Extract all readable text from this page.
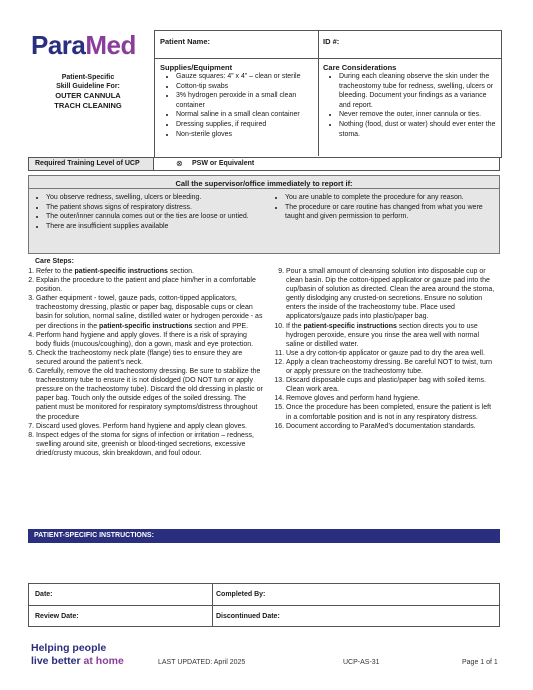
ParaMed
Patient-Specific
Skill Guideline For:
OUTER CANNULA
TRACH CLEANING
Patient Name:	ID #:
Supplies/Equipment
• Gauze squares: 4” x 4” – clean or sterile
• Cotton-tip swabs
• 3% hydrogen peroxide in a small clean container
• Normal saline in a small clean container
• Dressing supplies, if required
• Non-sterile gloves
Care Considerations
• During each cleaning observe the skin under the tracheostomy tube for redness, swelling, ulcers or bleeding. Document your findings as a variance and report.
• Never remove the outer, inner cannula or ties.
• Nothing (food, dust or water) should ever enter the stoma.
Required Training Level of UCP	⊗ PSW or Equivalent
Call the supervisor/office immediately to report if:
• You observe redness, swelling, ulcers or bleeding.
• The patient shows signs of respiratory distress.
• The outer/inner cannula comes out or the ties are loose or untied.
• There are insufficient supplies available
• You are unable to complete the procedure for any reason.
• The procedure or care routine has changed from what you were taught and given permission to perform.
Care Steps:
1. Refer to the patient-specific instructions section.
2. Explain the procedure to the patient and place him/her in a comfortable position.
3. Gather equipment - towel, gauze pads, cotton-tipped applicators, tracheostomy dressing, plastic or paper bag, disposable cups or clean basin for solution, normal saline, distilled water or hydrogen peroxide - as per directions in the patient-specific instructions section and PPE.
4. Perform hand hygiene and apply gloves. If there is a risk of spraying body fluids (mucous/coughing), don a gown, mask and eye protection.
5. Check the tracheostomy neck plate (flange) ties to ensure they are secured around the patient’s neck.
6. Carefully, remove the old tracheostomy dressing. Be sure to stabilize the tracheostomy tube to ensure it is not dislodged (DO NOT turn or apply pressure on the tracheostomy tube). Discard the old dressing in plastic or paper bag. Touch only the outside edges of the soiled dressing. The patient must be monitored for respiratory symptoms/distress throughout the procedure
7. Discard used gloves. Perform hand hygiene and apply clean gloves.
8. Inspect edges of the stoma for signs of infection or irritation – redness, swelling around site, greenish or blood-tinged secretions, excessive dried/crusty mucous, skin breakdown, and foul odour.
9. Pour a small amount of cleansing solution into disposable cup or clean basin. Dip the cotton-tipped applicator or gauze pad into the cup/basin of solution as directed. Clean the area around the stoma, gently dislodging any crusted-on secretions. Ensure no solution enters the inside of the tracheostomy tube. Place used applicators/gauze pads into plastic/paper bag.
10. If the patient-specific instructions section directs you to use hydrogen peroxide, ensure you rinse the area well with normal saline or distilled water.
11. Use a dry cotton-tip applicator or gauze pad to dry the area well.
12. Apply a clean tracheostomy dressing. Be careful NOT to twist, turn or apply pressure on the tracheostomy tube.
13. Discard disposable cups and plastic/paper bag with soiled items. Clean work area.
14. Remove gloves and perform hand hygiene.
15. Once the procedure has been completed, ensure the patient is left in a comfortable position and is not in any respiratory distress.
16. Document according to ParaMed’s documentation standards.
PATIENT-SPECIFIC INSTRUCTIONS:
Date:	Completed By:
Review Date:	Discontinued Date:
Helping people
live better at home	LAST UPDATED: April 2025	UCP-AS-31	Page 1 of 1
